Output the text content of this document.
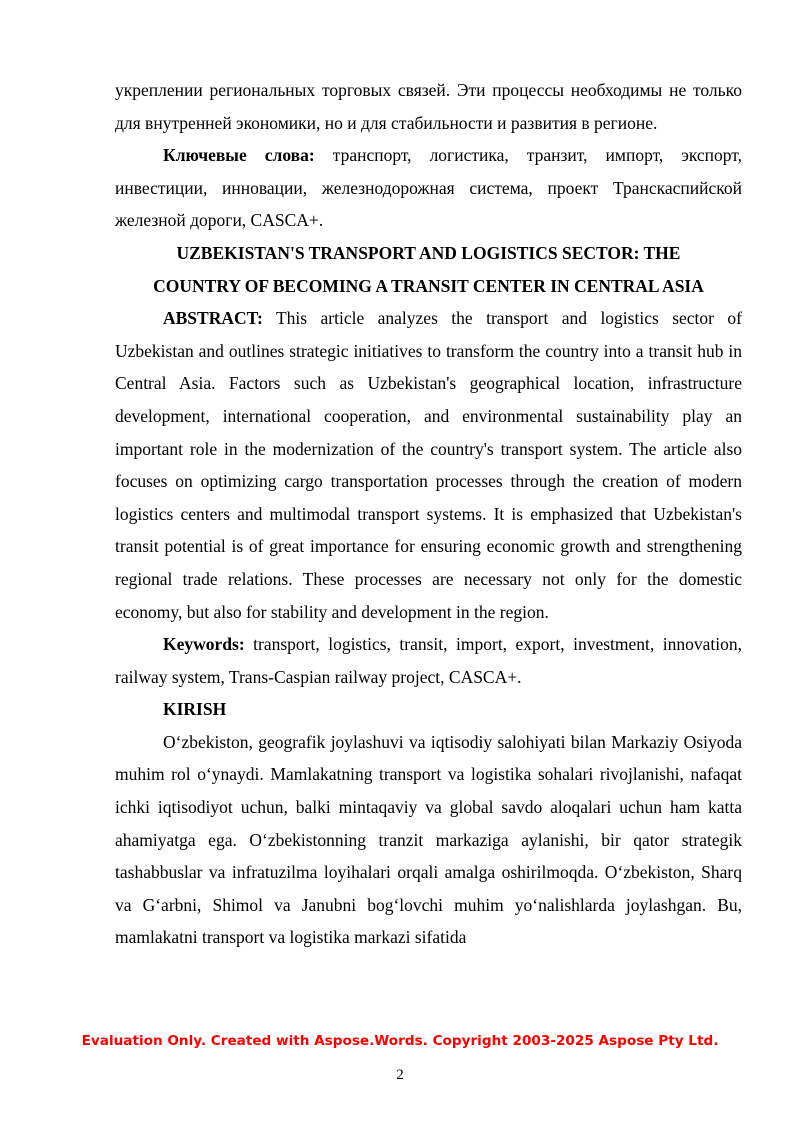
укреплении региональных торговых связей. Эти процессы необходимы не только для внутренней экономики, но и для стабильности и развития в регионе.

Ключевые слова: транспорт, логистика, транзит, импорт, экспорт, инвестиции, инновации, железнодорожная система, проект Транскаспийской железной дороги, CASCA+.

UZBEKISTAN'S TRANSPORT AND LOGISTICS SECTOR: THE

COUNTRY OF BECOMING A TRANSIT CENTER IN CENTRAL ASIA

ABSTRACT: This article analyzes the transport and logistics sector of Uzbekistan and outlines strategic initiatives to transform the country into a transit hub in Central Asia. Factors such as Uzbekistan's geographical location, infrastructure development, international cooperation, and environmental sustainability play an important role in the modernization of the country's transport system. The article also focuses on optimizing cargo transportation processes through the creation of modern logistics centers and multimodal transport systems. It is emphasized that Uzbekistan's transit potential is of great importance for ensuring economic growth and strengthening regional trade relations. These processes are necessary not only for the domestic economy, but also for stability and development in the region.

Keywords: transport, logistics, transit, import, export, investment, innovation, railway system, Trans-Caspian railway project, CASCA+.

KIRISH

O‘zbekiston, geografik joylashuvi va iqtisodiy salohiyati bilan Markaziy Osiyoda muhim rol o‘ynaydi. Mamlakatning transport va logistika sohalari rivojlanishi, nafaqat ichki iqtisodiyot uchun, balki mintaqaviy va global savdo aloqalari uchun ham katta ahamiyatga ega. O‘zbekistonning tranzit markaziga aylanishi, bir qator strategik tashabbuslar va infratuzilma loyihalari orqali amalga oshirilmoqda. O‘zbekiston, Sharq va G‘arbni, Shimol va Janubni bog‘lovchi muhim yo‘nalishlarda joylashgan. Bu, mamlakatni transport va logistika markazi sifatida

Evaluation Only. Created with Aspose.Words. Copyright 2003-2025 Aspose Pty Ltd.
2
